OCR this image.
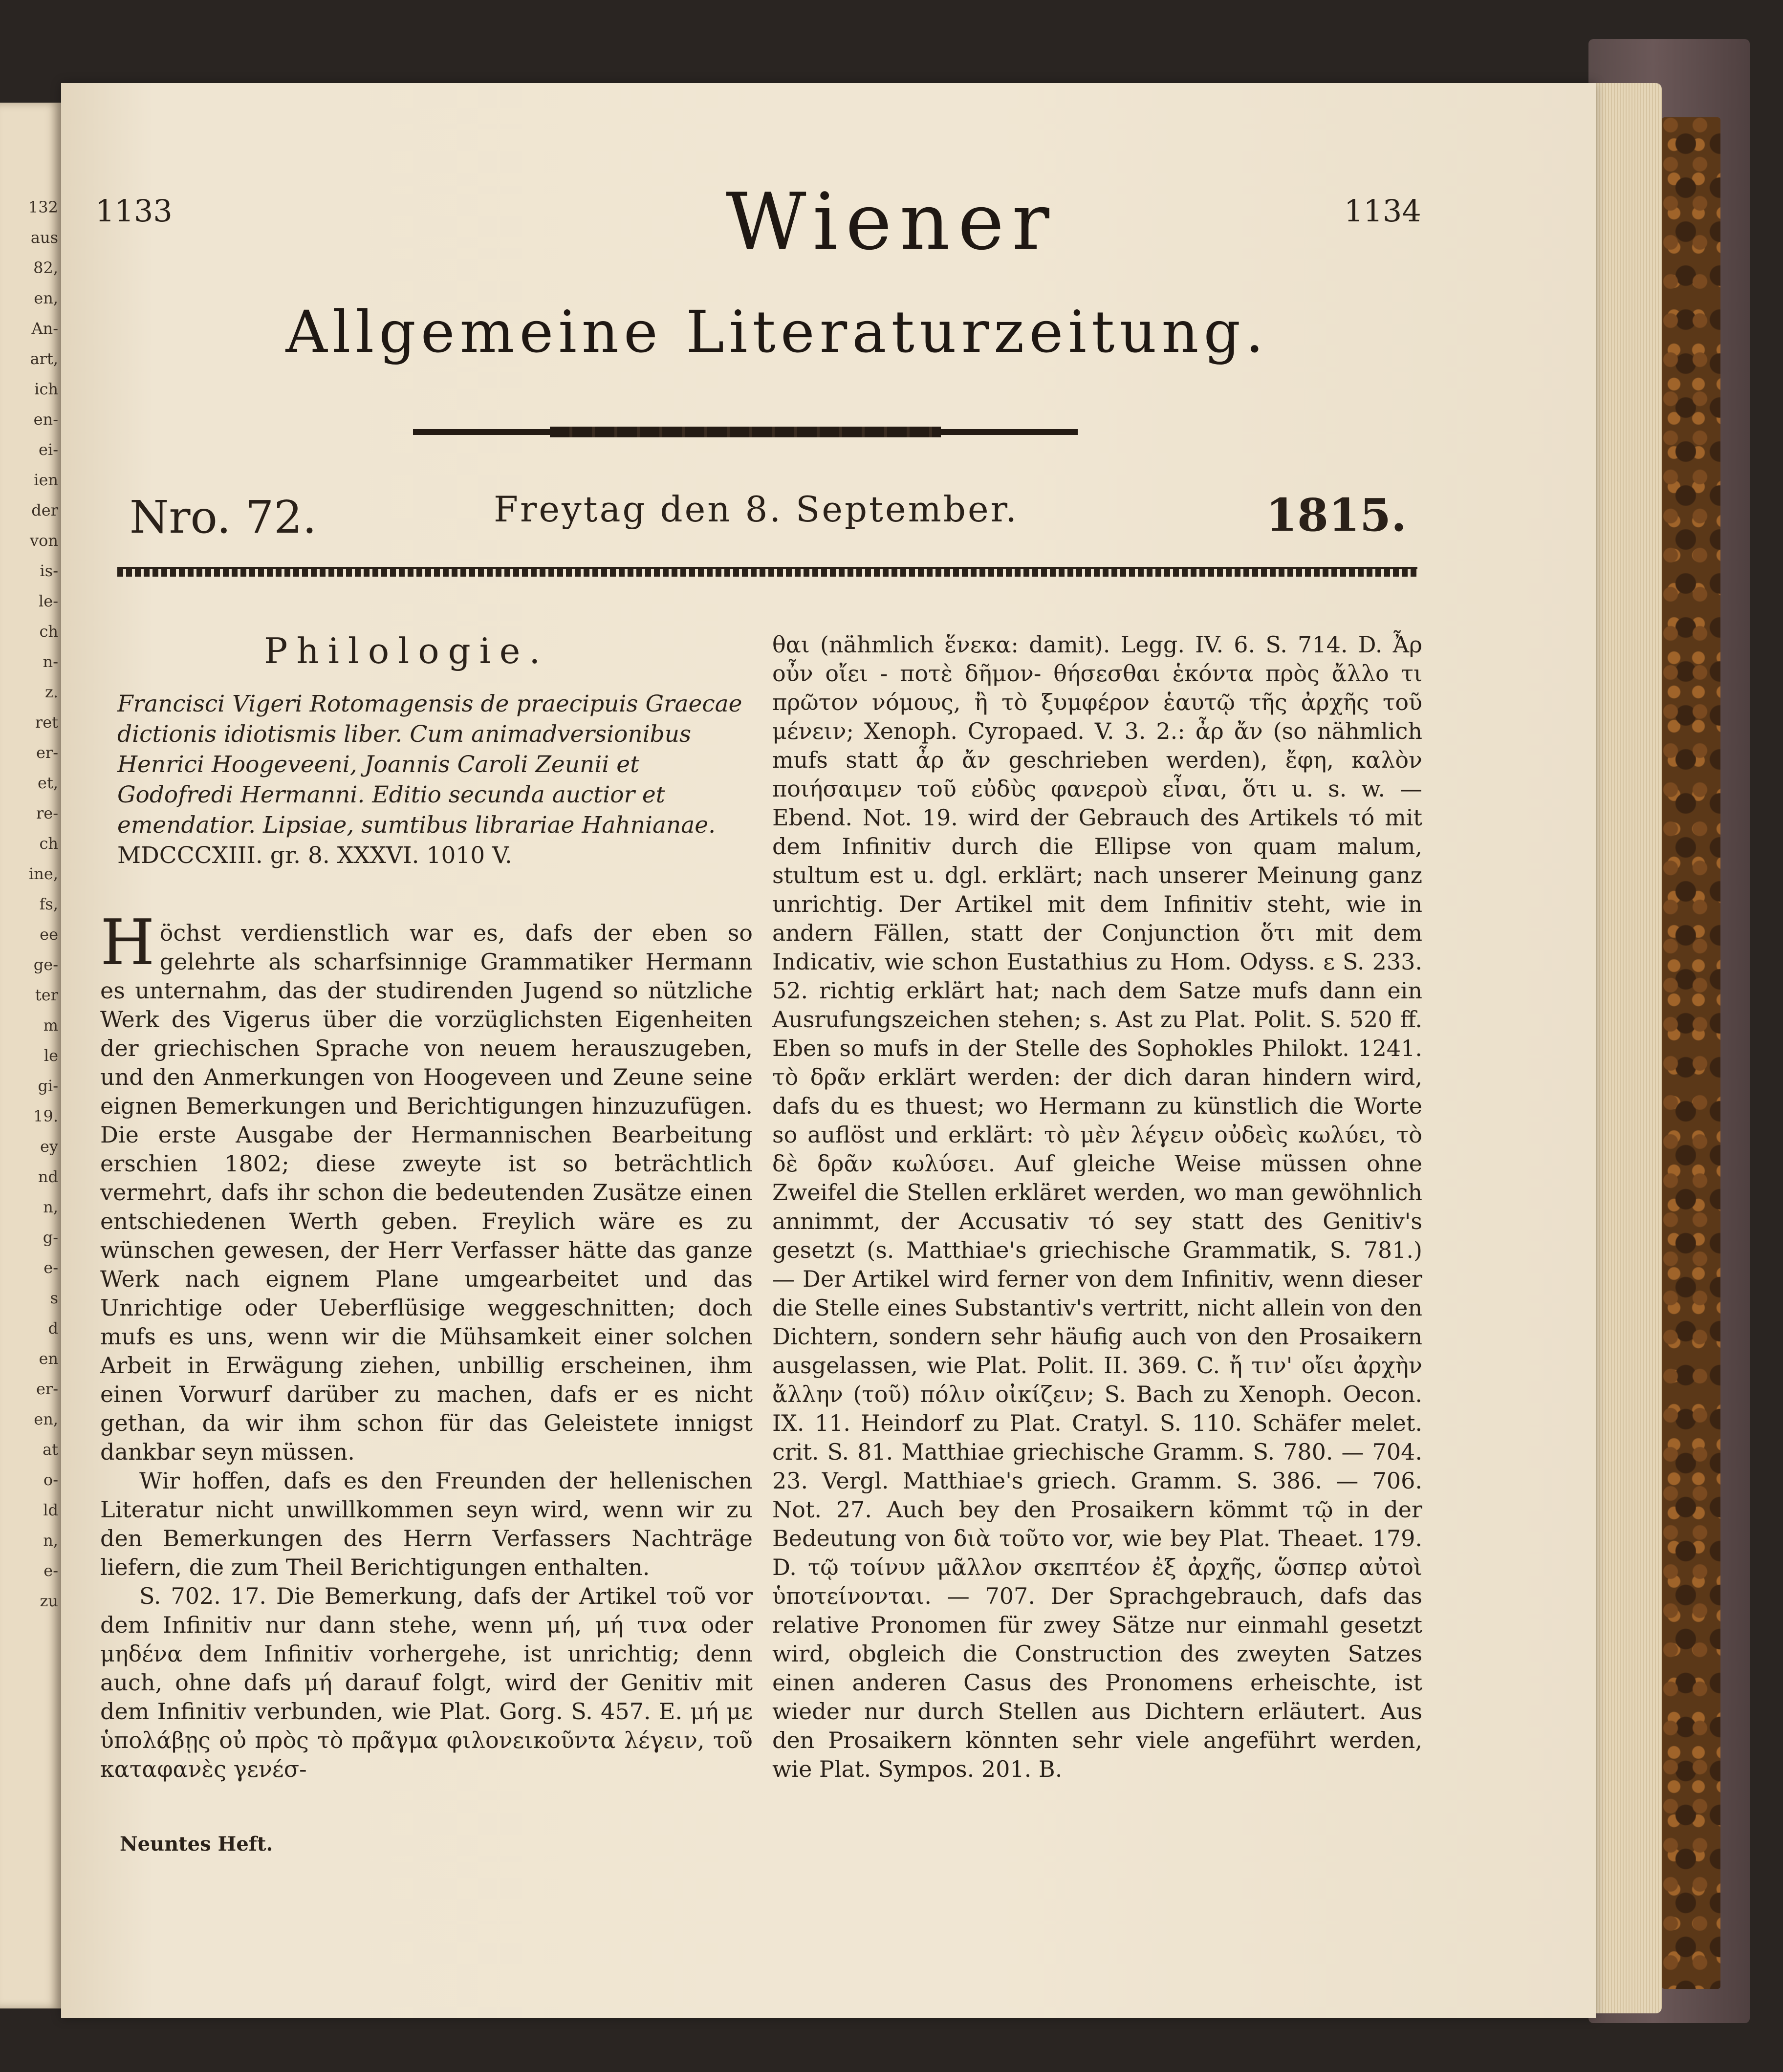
132
aus
82,
en,
An-
art,
ich
en-
ei-
ien
der
von
is-
le-
ch
n-
z.
ret
er-
et,
re-
ch
ine,
fs,
ee
ge-
ter
m
le
gi-
19.
ey
nd
n,
g-
e-
s
d
en
er-
en,
at
o-
ld
n,
e-
zu
1133	1134
Wiener
Allgemeine Literaturzeitung.
Nro. 72.	Freytag den 8. September.	1815.
Philologie.
Francisci Vigeri Rotomagensis de praecipuis Graecae dictionis idiotismis liber. Cum animadversionibus Henrici Hoogeveeni, Joannis Caroli Zeunii et Godofredi Hermanni. Editio secunda auctior et emendatior. Lipsiae, sumtibus librariae Hahnianae. MDCCCXIII. gr. 8. XXXVI. 1010 V.

Höchst verdienstlich war es, dafs der eben so gelehrte als scharfsinnige Grammatiker Hermann es unternahm, das der studirenden Jugend so nützliche Werk des Vigerus über die vorzüglichsten Eigenheiten der griechischen Sprache von neuem herauszugeben, und den Anmerkungen von Hoogeveen und Zeune seine eignen Bemerkungen und Berichtigungen hinzuzufügen. Die erste Ausgabe der Hermannischen Bearbeitung erschien 1802; diese zweyte ist so beträchtlich vermehrt, dafs ihr schon die bedeutenden Zusätze einen entschiedenen Werth geben. Freylich wäre es zu wünschen gewesen, der Herr Verfasser hätte das ganze Werk nach eignem Plane umgearbeitet und das Unrichtige oder Ueberflüsige weggeschnitten; doch mufs es uns, wenn wir die Mühsamkeit einer solchen Arbeit in Erwägung ziehen, unbillig erscheinen, ihm einen Vorwurf darüber zu machen, dafs er es nicht gethan, da wir ihm schon für das Geleistete innigst dankbar seyn müssen.

Wir hoffen, dafs es den Freunden der hellenischen Literatur nicht unwillkommen seyn wird, wenn wir zu den Bemerkungen des Herrn Verfassers Nachträge liefern, die zum Theil Berichtigungen enthalten.

S. 702. 17. Die Bemerkung, dafs der Artikel τοῦ vor dem Infinitiv nur dann stehe, wenn μή, μή τινα oder μηδένα dem Infinitiv vorhergehe, ist unrichtig; denn auch, ohne dafs μή darauf folgt, wird der Genitiv mit dem Infinitiv verbunden, wie Plat. Gorg. S. 457. E. μή με ὑπολάβῃς οὐ πρὸς τὸ πρᾶγμα φιλονεικοῦντα λέγειν, τοῦ καταφανὲς γενέσ-

Neuntes Heft.

θαι (nähmlich ἕνεκα: damit). Legg. IV. 6. S. 714. D. Ἆρ οὖν οἴει ‑ ποτὲ δῆμον‑ θήσεσθαι ἑκόντα πρὸς ἄλλο τι πρῶτον νόμους, ἢ τὸ ξυμφέρον ἑαυτῷ τῆς ἀρχῆς τοῦ μένειν; Xenoph. Cyropaed. V. 3. 2.: ἆρ ἄν (so nähmlich mufs statt ἆρ ἄν geschrieben werden), ἔφη, καλὸν ποιήσαιμεν τοῦ εὐδὺς φανεροὺ εἶναι, ὅτι u. s. w. — Ebend. Not. 19. wird der Gebrauch des Artikels τό mit dem Infinitiv durch die Ellipse von quam malum, stultum est u. dgl. erklärt; nach unserer Meinung ganz unrichtig. Der Artikel mit dem Infinitiv steht, wie in andern Fällen, statt der Conjunction ὅτι mit dem Indicativ, wie schon Eustathius zu Hom. Odyss. ε S. 233. 52. richtig erklärt hat; nach dem Satze mufs dann ein Ausrufungszeichen stehen; s. Ast zu Plat. Polit. S. 520 ff. Eben so mufs in der Stelle des Sophokles Philokt. 1241. τὸ δρᾶν erklärt werden: der dich daran hindern wird, dafs du es thuest; wo Hermann zu künstlich die Worte so auflöst und erklärt: τὸ μὲν λέγειν οὐδεὶς κωλύει, τὸ δὲ δρᾶν κωλύσει. Auf gleiche Weise müssen ohne Zweifel die Stellen erkläret werden, wo man gewöhnlich annimmt, der Accusativ τό sey statt des Genitiv's gesetzt (s. Matthiae's griechische Grammatik, S. 781.) — Der Artikel wird ferner von dem Infinitiv, wenn dieser die Stelle eines Substantiv's vertritt, nicht allein von den Dichtern, sondern sehr häufig auch von den Prosaikern ausgelassen, wie Plat. Polit. II. 369. C. ἤ τιν' οἴει ἀρχὴν ἄλλην (τοῦ) πόλιν οἰκίζειν; S. Bach zu Xenoph. Oecon. IX. 11. Heindorf zu Plat. Cratyl. S. 110. Schäfer melet. crit. S. 81. Matthiae griechische Gramm. S. 780. — 704. 23. Vergl. Matthiae's griech. Gramm. S. 386. — 706. Not. 27. Auch bey den Prosaikern kömmt τῷ in der Bedeutung von διὰ τοῦτο vor, wie bey Plat. Theaet. 179. D. τῷ τοίνυν μᾶλλον σκεπτέον ἐξ ἀρχῆς, ὥσπερ αὐτοὶ ὑποτείνονται. — 707. Der Sprachgebrauch, dafs das relative Pronomen für zwey Sätze nur einmahl gesetzt wird, obgleich die Construction des zweyten Satzes einen anderen Casus des Pronomens erheischte, ist wieder nur durch Stellen aus Dichtern erläutert. Aus den Prosaikern könnten sehr viele angeführt werden, wie Plat. Sympos. 201. B.
